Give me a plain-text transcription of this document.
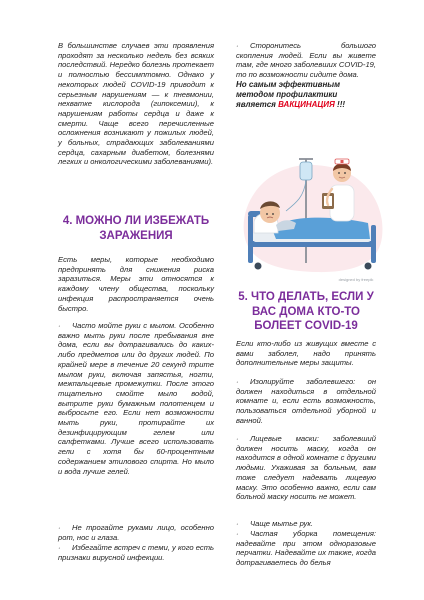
В большинстве случаев эти проявления проходят за несколько недель без всяких последствий. Нередко болезнь протекает и полностью бессимптомно. Однако у некоторых людей COVID-19 приводит к серьезным нарушениям — к пневмонии, нехватке кислорода (гипоксемии), к нарушениям работы сердца и даже к смерти. Чаще всего перечисленные осложнения возникают у пожилых людей, у больных, страдающих заболеваниями сердца, сахарным диабетом, болезнями легких и онкологическими заболеваниями).

4. МОЖНО ЛИ ИЗБЕЖАТЬ ЗАРАЖЕНИЯ

Есть меры, которые необходимо предпринять для снижения риска заразиться. Меры эти относятся к каждому члену общества, поскольку инфекция распространяется очень быстро.

· Часто мойте руки с мылом. Особенно важно мыть руки после пребывания вне дома, если вы дотрагивались до каких-либо предметов или до других людей. По крайней мере в течение 20 секунд трите мылом руки, включая запястья, ногти, межпальцевые промежутки. После этого тщательно смойте мыло водой, вытрите руки бумажным полотенцем и выбросьте его. Если нет возможности мыть руки, протирайте их дезинфицирующим гелем или салфетками. Лучше всего использовать гели с хотя бы 60-процентным содержанием этилового спирта. Но мыло и вода лучше гелей.

· Не трогайте руками лицо, особенно рот, нос и глаза.

· Избегайте встреч с теми, у кого есть признаки вирусной инфекции.

· Сторонитесь большого скопления людей. Если вы живете там, где много заболевших COVID-19, то по возможности сидите дома.

Но самым эффективным методом профилактики является ВАКЦИНАЦИЯ !!!

designed by freepik
5. ЧТО ДЕЛАТЬ, ЕСЛИ У ВАС ДОМА КТО-ТО БОЛЕЕТ COVID-19

Если кто-либо из живущих вместе с вами заболел, надо принять дополнительные меры защиты.

· Изолируйте заболевшего: он должен находиться в отдельной комнате и, если есть возможность, пользоваться отдельной уборной и ванной.

· Лицевые маски: заболевший должен носить маску, когда он находится в одной комнате с другими людьми. Ухаживая за больным, вам тоже следует надевать лицевую маску. Это особенно важно, если сам больной маску носить не может.

· Чаще мытье рук.

· Частая уборка помещения: надевайте при этом одноразовые перчатки. Надевайте их также, когда дотрагиваетесь до белья
